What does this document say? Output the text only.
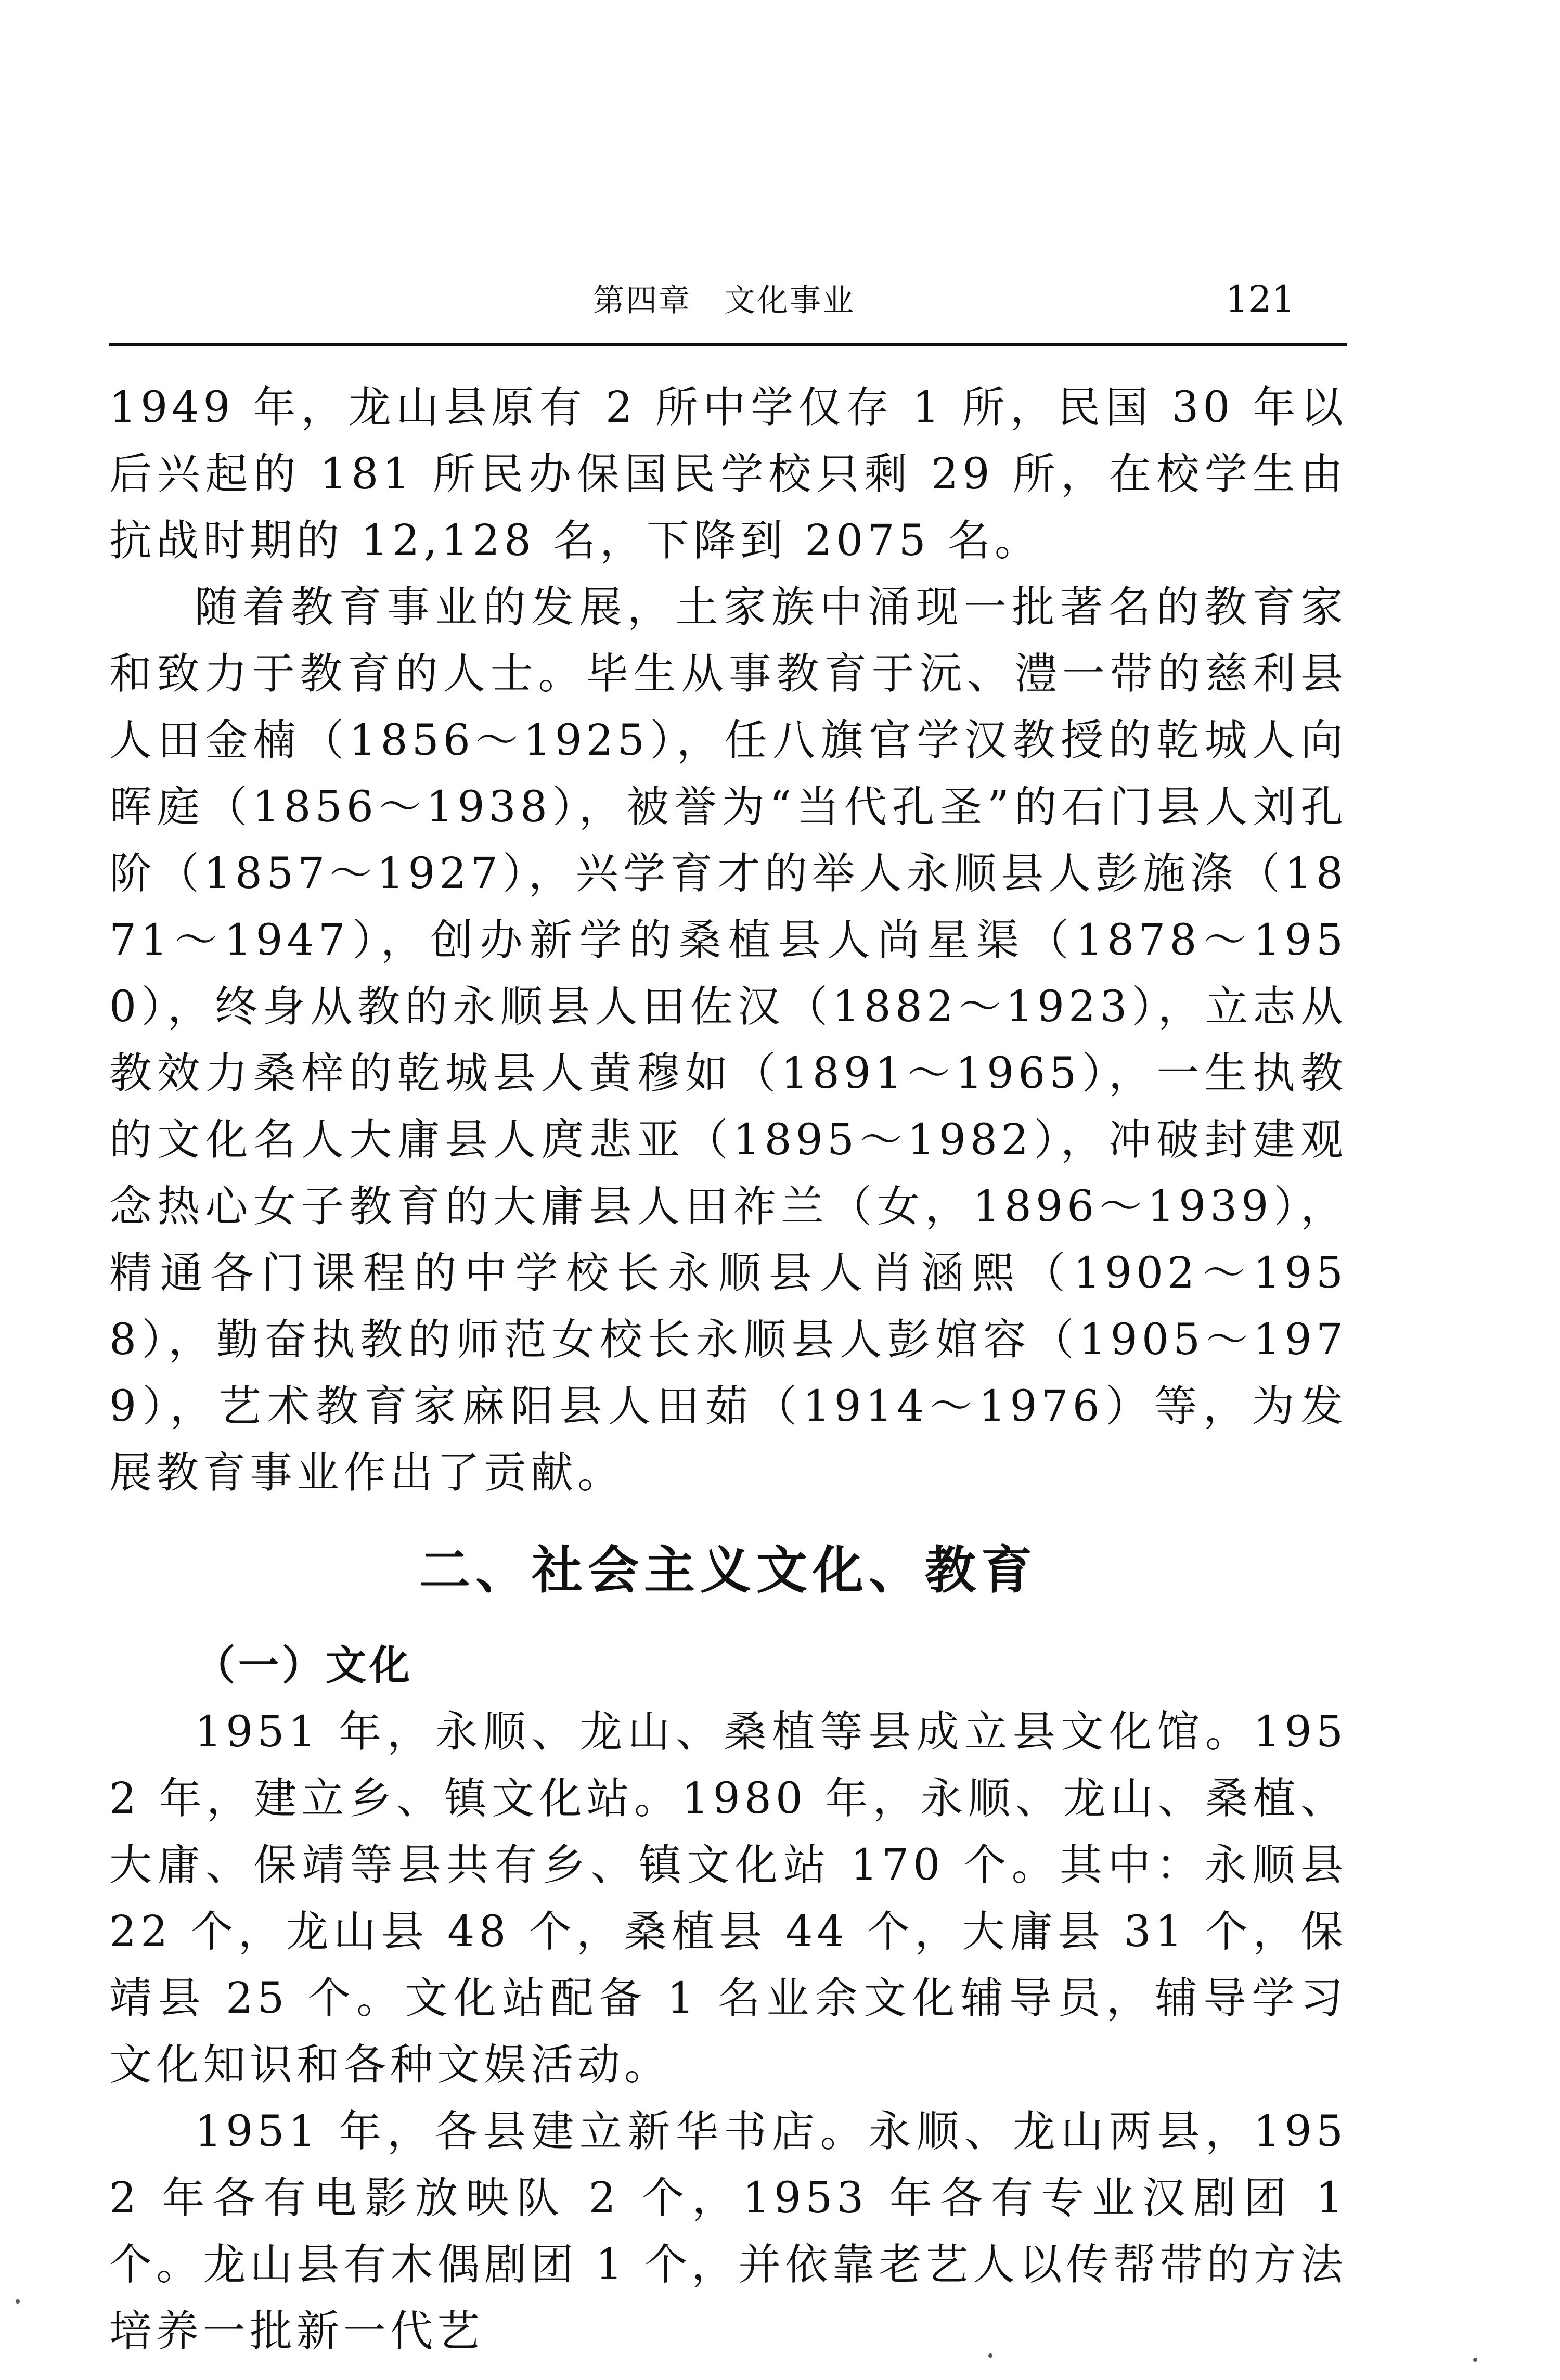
第四章　文化事业	121

1949 年，龙山县原有 2 所中学仅存 1 所，民国 30 年以后兴起的 181 所民办保国民学校只剩 29 所，在校学生由抗战时期的 12,128 名，下降到 2075 名。

随着教育事业的发展，土家族中涌现一批著名的教育家和致力于教育的人士。毕生从事教育于沅、澧一带的慈利县人田金楠（1856～1925），任八旗官学汉教授的乾城人向晖庭（1856～1938），被誉为“当代孔圣”的石门县人刘孔阶（1857～1927），兴学育才的举人永顺县人彭施涤（1871～1947），创办新学的桑植县人尚星渠（1878～1950），终身从教的永顺县人田佐汉（1882～1923），立志从教效力桑梓的乾城县人黄穆如（1891～1965），一生执教的文化名人大庸县人庹悲亚（1895～1982），冲破封建观念热心女子教育的大庸县人田祚兰（女，1896～1939），精通各门课程的中学校长永顺县人肖涵熙（1902～1958），勤奋执教的师范女校长永顺县人彭婠容（1905～1979），艺术教育家麻阳县人田茹（1914～1976）等，为发展教育事业作出了贡献。

二、社会主义文化、教育
（一）文化

1951 年，永顺、龙山、桑植等县成立县文化馆。1952 年，建立乡、镇文化站。1980 年，永顺、龙山、桑植、大庸、保靖等县共有乡、镇文化站 170 个。其中：永顺县 22 个，龙山县 48 个，桑植县 44 个，大庸县 31 个，保靖县 25 个。文化站配备 1 名业余文化辅导员，辅导学习文化知识和各种文娱活动。

1951 年，各县建立新华书店。永顺、龙山两县，1952 年各有电影放映队 2 个，1953 年各有专业汉剧团 1 个。龙山县有木偶剧团 1 个，并依靠老艺人以传帮带的方法培养一批新一代艺
